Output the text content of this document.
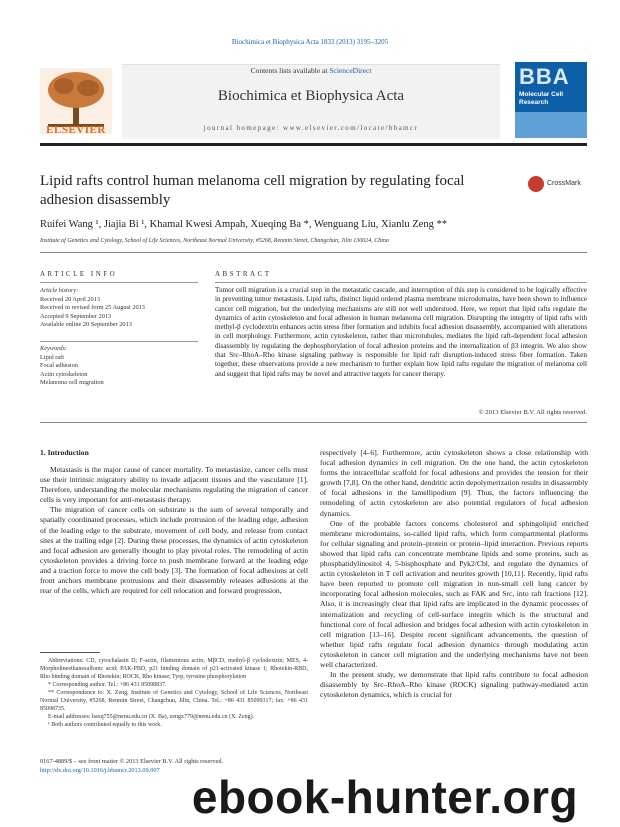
Biochimica et Biophysica Acta 1833 (2013) 3195–3205
ELSEVIER
Contents lists available at ScienceDirect
Biochimica et Biophysica Acta
journal homepage: www.elsevier.com/locate/bbamcr
BBA
Molecular Cell
Research
Lipid rafts control human melanoma cell migration by regulating focal adhesion disassembly
CrossMark
Ruifei Wang ¹, Jiajia Bi ¹, Khamal Kwesi Ampah, Xueqing Ba *, Wenguang Liu, Xianlu Zeng **
Institute of Genetics and Cytology, School of Life Sciences, Northeast Normal University, #5268, Renmin Street, Changchun, Jilin 130024, China
ARTICLE INFO	ABSTRACT
Article history:
Received 20 April 2013
Received in revised form 25 August 2013
Accepted 9 September 2013
Available online 20 September 2013
Keywords:
Lipid raft
Focal adhesion
Actin cytoskeleton
Melanoma cell migration
Tumor cell migration is a crucial step in the metastatic cascade, and interruption of this step is considered to be logically effective in preventing tumor metastasis. Lipid rafts, distinct liquid ordered plasma membrane microdomains, have been shown to influence cancer cell migration, but the underlying mechanisms are still not well understood. Here, we report that lipid rafts regulate the dynamics of actin cytoskeleton and focal adhesion in human melanoma cell migration. Disrupting the integrity of lipid rafts with methyl-β cyclodextrin enhances actin stress fiber formation and inhibits focal adhesion disassembly, accompanied with alterations in cell morphology. Furthermore, actin cytoskeleton, rather than microtubules, mediates the lipid raft-dependent focal adhesion disassembly by regulating the dephosphorylation of focal adhesion proteins and the internalization of β3 integrin. We also show that Src–RhoA–Rho kinase signaling pathway is responsible for lipid raft disruption-induced stress fiber formation. Taken together, these observations provide a new mechanism to further explain how lipid rafts regulate the migration of melanoma cell and suggest that lipid rafts may be novel and attractive targets for cancer therapy.
© 2013 Elsevier B.V. All rights reserved.
1. Introduction

Metastasis is the major cause of cancer mortality. To metastasize, cancer cells must use their intrinsic migratory ability to invade adjacent tissues and the vasculature [1]. Therefore, understanding the molecular mechanisms regulating the migration of cancer cells is very important for anti-metastasis therapy.

The migration of cancer cells on substrate is the sum of several temporally and spatially coordinated processes, which include protrusion of the leading edge, adhesion of the leading edge to the substrate, movement of cell body, and release from contact sites at the trailing edge [2]. During these processes, the dynamics of actin cytoskeleton and focal adhesion are generally thought to play pivotal roles. The remodeling of actin cytoskeleton provides a driving force to push membrane forward at the leading edge and a traction force to move the cell body [3]. The formation of focal adhesions at cell front anchors membrane protrusions and their disassembly releases adhesions at the rear of the cells, which are required for cell relocation and forward progression,

respectively [4–6]. Furthermore, actin cytoskeleton shows a close relationship with focal adhesion dynamics in cell migration. On the one hand, the actin cytoskeleton forms the intracellular scaffold for focal adhesions and provides the tension for their growth [7,8]. On the other hand, dendritic actin depolymerization results in disassembly of focal adhesions in the lamellipodium [9]. Thus, the factors influencing the remodeling of actin cytoskeleton are also potential regulators of focal adhesion dynamics.

One of the probable factors concerns cholesterol and sphingolipid enriched membrane microdomains, so-called lipid rafts, which form compartmental platforms for cellular signaling and protein–protein or protein–lipid interaction. Previous reports showed that lipid rafts can concentrate membrane lipids and some proteins, such as phosphatidylinositol 4, 5-bisphosphate and Pyk2/Cbl, and regulate the dynamics of actin cytoskeleton in T cell activation and neurites growth [10,11]. Recently, lipid rafts have been reported to promote cell migration in non-small cell lung cancer by incorporating focal adhesion molecules, such as FAK and Src, into raft fractions [12]. Also, it is increasingly clear that lipid rafts are implicated in the dynamic processes of internalization and recycling of cell-surface integrin which is the structural and functional core of focal adhesion and bridges focal adhesion with actin cytoskeleton in cell migration [13–16]. Despite recent significant advancements, the question of whether lipid rafts regulate focal adhesion dynamics through modulating actin cytoskeleton in cancer cell migration and the underlying mechanisms have not been well characterized.

In the present study, we demonstrate that lipid rafts contribute to focal adhesion disassembly by Src–RhoA–Rho kinase (ROCK) signaling pathway-mediated actin cytoskeleton dynamics, which is crucial for

Abbreviations: CD, cytochalasin D; F-actin, filamentous actin; MβCD, methyl-β cyclodextrin; MES, 4-Morpholineethanesulfonic acid; PAK-PBD, p21 binding domain of p21-activated kinase 1; Rhotekin-RBD, Rho binding domain of Rhotekin; ROCK, Rho kinase; Tyrp, tyrosine phosphorylation
* Corresponding author. Tel.: +86 431 85098837.
** Correspondence to: X. Zeng, Institute of Genetics and Cytology, School of Life Sciences, Northeast Normal University, #5268, Renmin Street, Changchun, Jilin, China. Tel.: +86 431 85099317; fax: +86 431 85098735.
E-mail addresses: baxq755@nenu.edu.cn (X. Ba), zengx779@nenu.edu.cn (X. Zeng).
¹ Both authors contributed equally to this work.
0167-4889/$ – see front matter © 2013 Elsevier B.V. All rights reserved.
http://dx.doi.org/10.1016/j.bbamcr.2013.09.007
ebook-hunter.org
